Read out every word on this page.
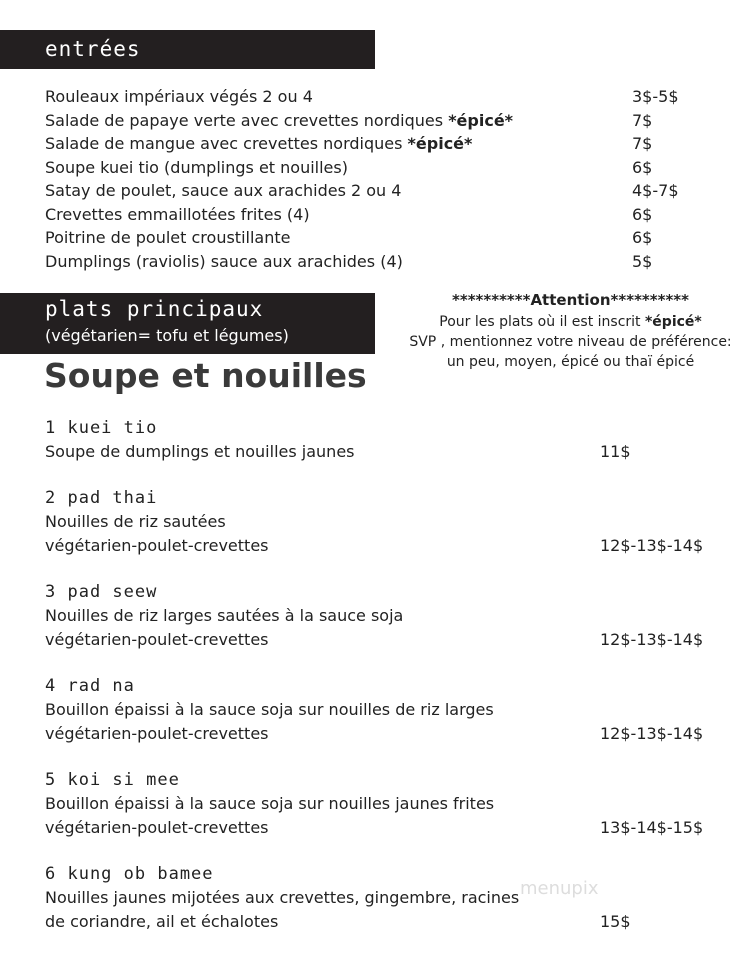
entrées
Rouleaux impériaux végés 2 ou 4	3$-5$
Salade de papaye verte avec crevettes nordiques *épicé*	7$
Salade de mangue avec crevettes nordiques *épicé*	7$
Soupe kuei tio (dumplings et nouilles)	6$
Satay de poulet, sauce aux arachides 2 ou 4	4$-7$
Crevettes emmaillotées frites (4)	6$
Poitrine de poulet croustillante	6$
Dumplings (raviolis) sauce aux arachides (4)	5$
plats principaux
(végétarien= tofu et légumes)
Soupe et nouilles
**********Attention**********
Pour les plats où il est inscrit *épicé*
SVP , mentionnez votre niveau de préférence:
un peu, moyen, épicé ou thaï épicé
1 kuei tio
Soupe de dumplings et nouilles jaunes	11$
2 pad thai
Nouilles de riz sautées
végétarien-poulet-crevettes	12$-13$-14$
3 pad seew
Nouilles de riz larges sautées à la sauce soja
végétarien-poulet-crevettes	12$-13$-14$
4 rad na
Bouillon épaissi à la sauce soja sur nouilles de riz larges
végétarien-poulet-crevettes	12$-13$-14$
5 koi si mee
Bouillon épaissi à la sauce soja sur nouilles jaunes frites
végétarien-poulet-crevettes	13$-14$-15$
6 kung ob bamee
Nouilles jaunes mijotées aux crevettes, gingembre, racines
de coriandre, ail et échalotes	15$
menupix
